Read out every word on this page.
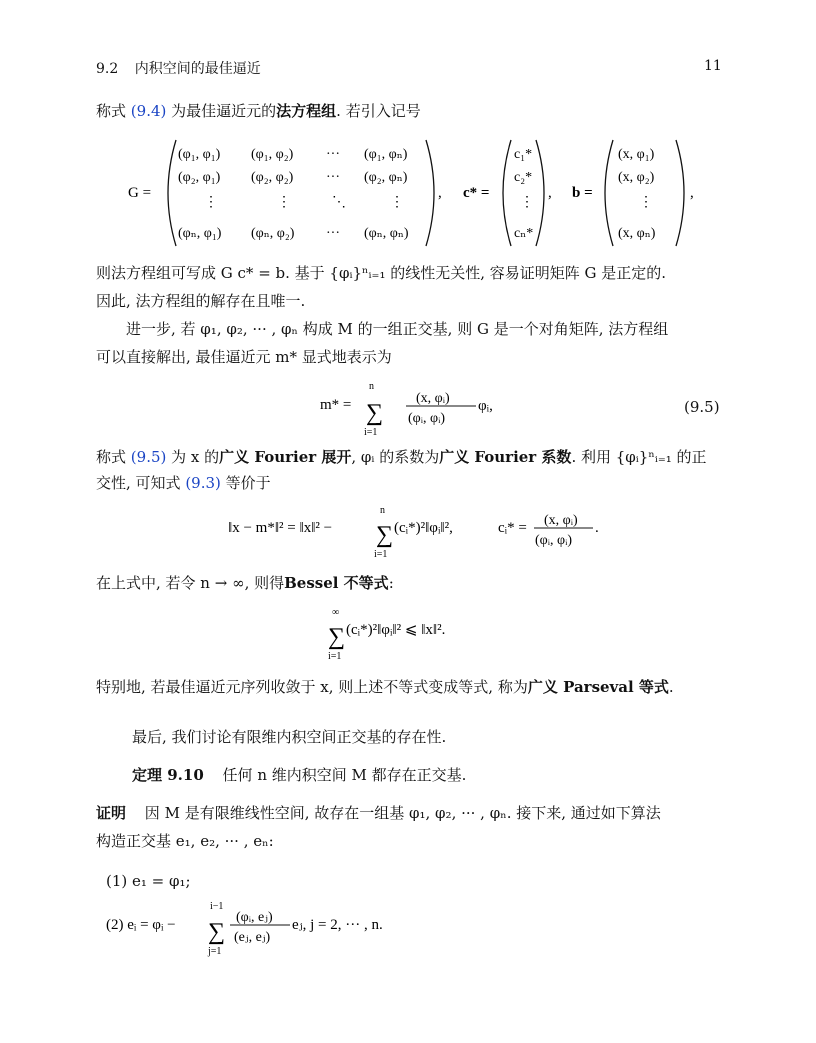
9.2 内积空间的最佳逼近	11
称式 (9.4) 为最佳逼近元的法方程组. 若引入记号
G =
(φ₁, φ₁) (φ₁, φ₂) ··· (φ₁, φₙ)
(φ₂, φ₁) (φ₂, φ₂) ··· (φ₂, φₙ)
⋮	⋮	⋱	⋮
(φₙ, φ₁) (φₙ, φ₂) ··· (φₙ, φₙ)
, c* =
c₁*
c₂*
⋮
cₙ*
, b =
(x, φ₁)
(x, φ₂)
⋮
(x, φₙ)
,
则法方程组可写成 G c* = b. 基于 {φᵢ}ⁿᵢ₌₁ 的线性无关性, 容易证明矩阵 G 是正定的.
因此, 法方程组的解存在且唯一.
进一步, 若 φ₁, φ₂, ··· , φₙ 构成 M 的一组正交基, 则 G 是一个对角矩阵, 法方程组
可以直接解出, 最佳逼近元 m* 显式地表示为
m* =
n
∑
i=1
(x, φᵢ)
(φᵢ, φᵢ)
φᵢ,	(9.5)
称式 (9.5) 为 x 的广义 Fourier 展开, φᵢ 的系数为广义 Fourier 系数. 利用 {φᵢ}ⁿᵢ₌₁ 的正
交性, 可知式 (9.3) 等价于
‖x − m*‖² = ‖x‖² −
n
∑
i=1
(cᵢ*)²‖φᵢ‖²,	cᵢ* = (x, φᵢ)
(φᵢ, φᵢ)
.
在上式中, 若令 n → ∞, 则得Bessel 不等式:
∞
∑
i=1
(cᵢ*)²‖φᵢ‖² ⩽ ‖x‖².
特别地, 若最佳逼近元序列收敛于 x, 则上述不等式变成等式, 称为广义 Parseval 等式.
最后, 我们讨论有限维内积空间正交基的存在性.
定理 9.10 任何 n 维内积空间 M 都存在正交基.
证明 因 M 是有限维线性空间, 故存在一组基 φ₁, φ₂, ··· , φₙ. 接下来, 通过如下算法
构造正交基 e₁, e₂, ··· , eₙ:
(1) e₁ = φ₁;
(2) eᵢ = φᵢ −
i−1
∑
j=1
(φᵢ, eⱼ)
(eⱼ, eⱼ)
eⱼ, j = 2, ··· , n.
